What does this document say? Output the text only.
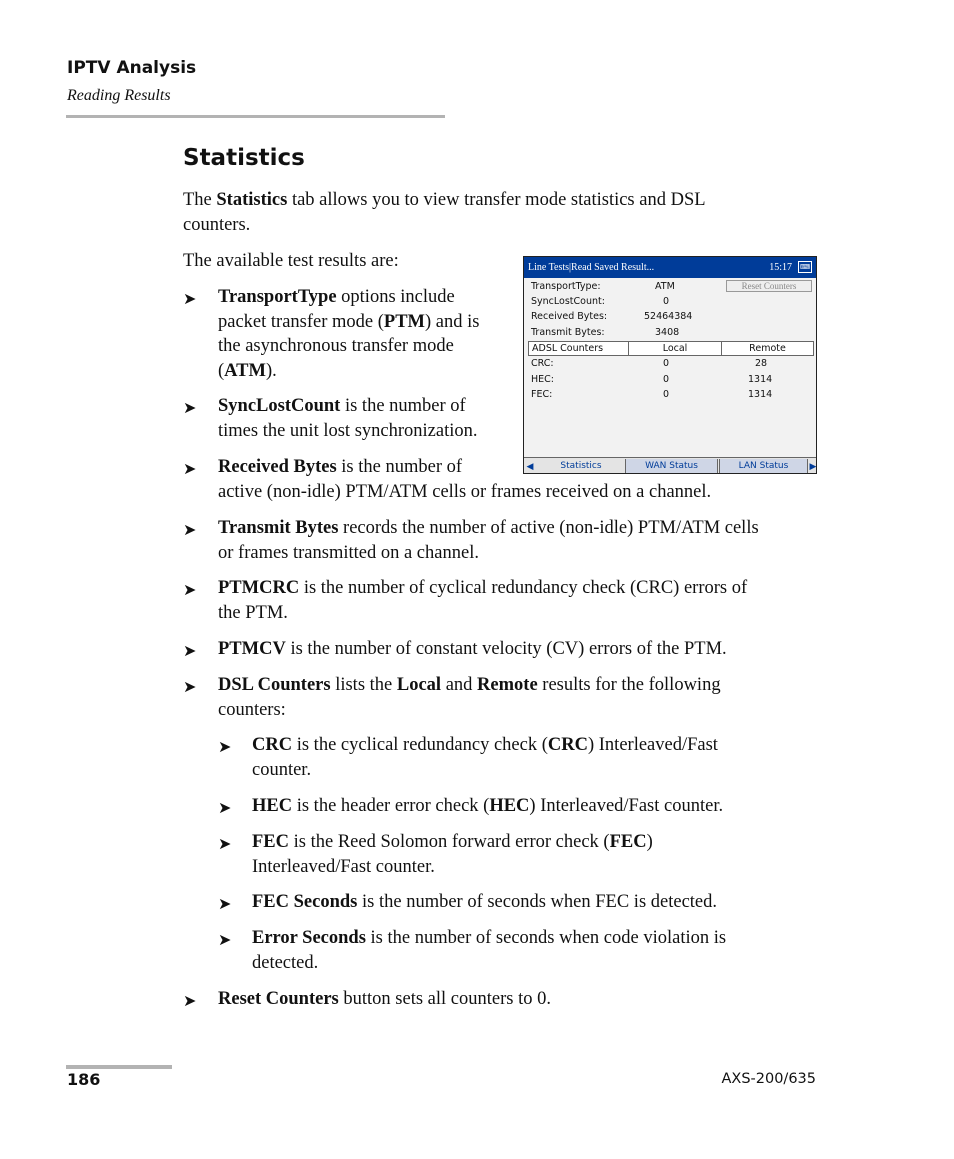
IPTV Analysis
Reading Results
Statistics
The Statistics tab allows you to view transfer mode statistics and DSL
counters.
The available test results are:
➤ TransportType options include
packet transfer mode (PTM) and is
the asynchronous transfer mode
(ATM).
➤ SyncLostCount is the number of
times the unit lost synchronization.
➤ Received Bytes is the number of
active (non-idle) PTM/ATM cells or frames received on a channel.
➤ Transmit Bytes records the number of active (non-idle) PTM/ATM cells
or frames transmitted on a channel.
➤ PTMCRC is the number of cyclical redundancy check (CRC) errors of
the PTM.
➤ PTMCV is the number of constant velocity (CV) errors of the PTM.
➤ DSL Counters lists the Local and Remote results for the following
counters:
➤ CRC is the cyclical redundancy check (CRC) Interleaved/Fast
counter.
➤ HEC is the header error check (HEC) Interleaved/Fast counter.
➤ FEC is the Reed Solomon forward error check (FEC)
Interleaved/Fast counter.
➤ FEC Seconds is the number of seconds when FEC is detected.
➤ Error Seconds is the number of seconds when code violation is
detected.
➤ Reset Counters button sets all counters to 0.
Line Tests|Read Saved Result...	15:17 ⌨
TransportType:	ATM
SyncLostCount:	0
Received Bytes:	52464384
Transmit Bytes:	3408
Reset Counters
ADSL Counters	Local	Remote
CRC:	0	28
HEC:	0	1314
FEC:	0	1314
◀	Statistics	WAN Status	LAN Status	▶
186	AXS-200/635
